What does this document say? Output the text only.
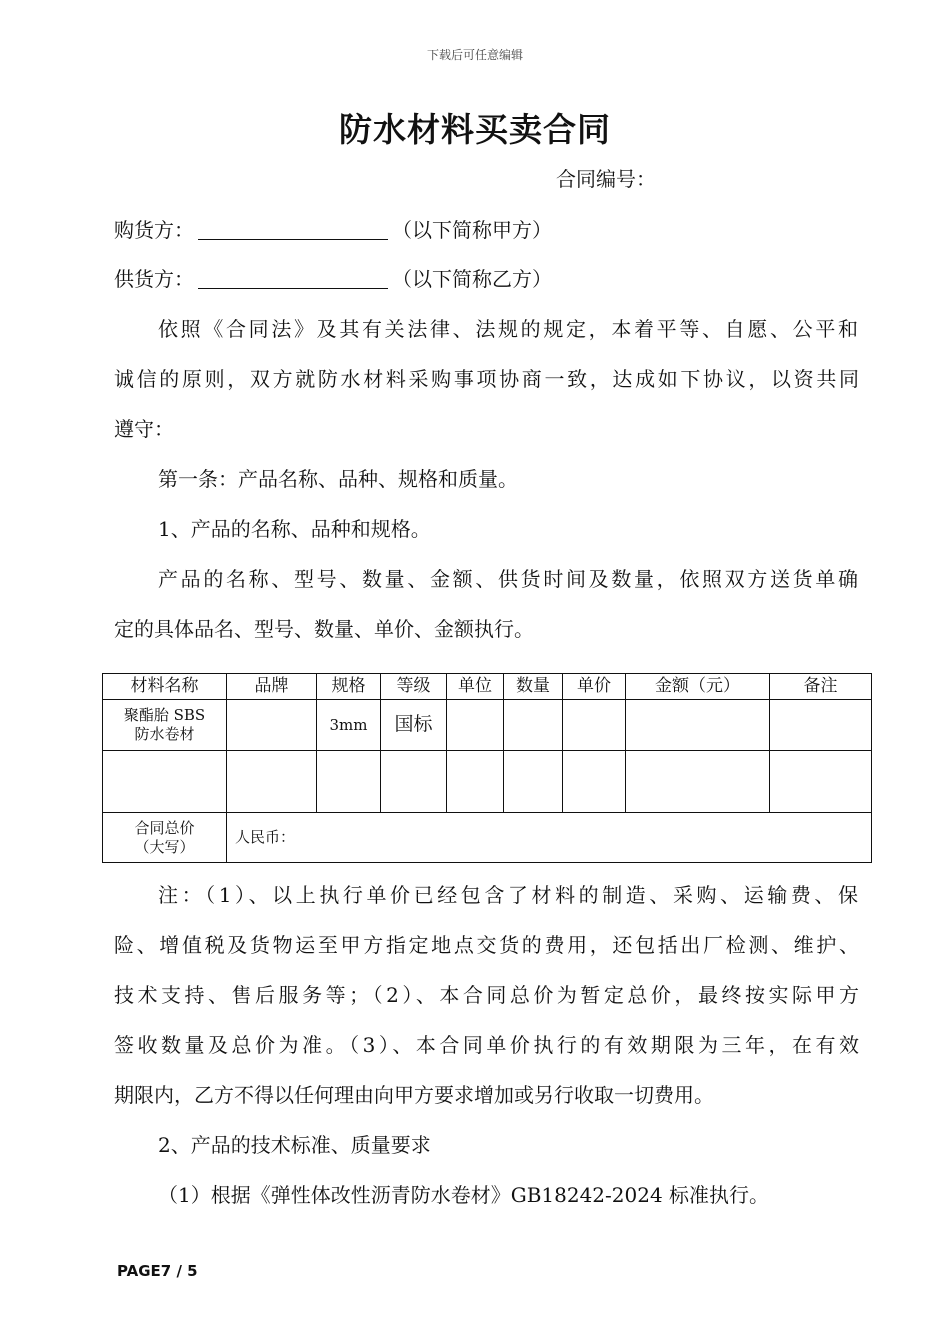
下载后可任意编辑
防水材料买卖合同
合同编号：
购货方：	（以下简称甲方）
供货方：	（以下简称乙方）
依照《合同法》及其有关法律、法规的规定，本着平等、自愿、公平和
诚信的原则，双方就防水材料采购事项协商一致，达成如下协议，以资共同
遵守：
第一条：产品名称、品种、规格和质量。
1、产品的名称、品种和规格。
产品的名称、型号、数量、金额、供货时间及数量，依照双方送货单确
定的具体品名、型号、数量、单价、金额执行。
材料名称	品牌	规格	等级	单位	数量	单价	金额（元）	备注

聚酯胎 SBS
防水卷材		3mm	国标					

合同总价
（大写）	人民币：							
注：（1）、以上执行单价已经包含了材料的制造、采购、运输费、保
险、增值税及货物运至甲方指定地点交货的费用，还包括出厂检测、维护、
技术支持、售后服务等；（2）、本合同总价为暂定总价，最终按实际甲方
签收数量及总价为准。（3）、本合同单价执行的有效期限为三年，在有效
期限内，乙方不得以任何理由向甲方要求增加或另行收取一切费用。
2、产品的技术标准、质量要求
（1）根据《弹性体改性沥青防水卷材》GB18242-2024 标准执行。
PAGE7 / 5
